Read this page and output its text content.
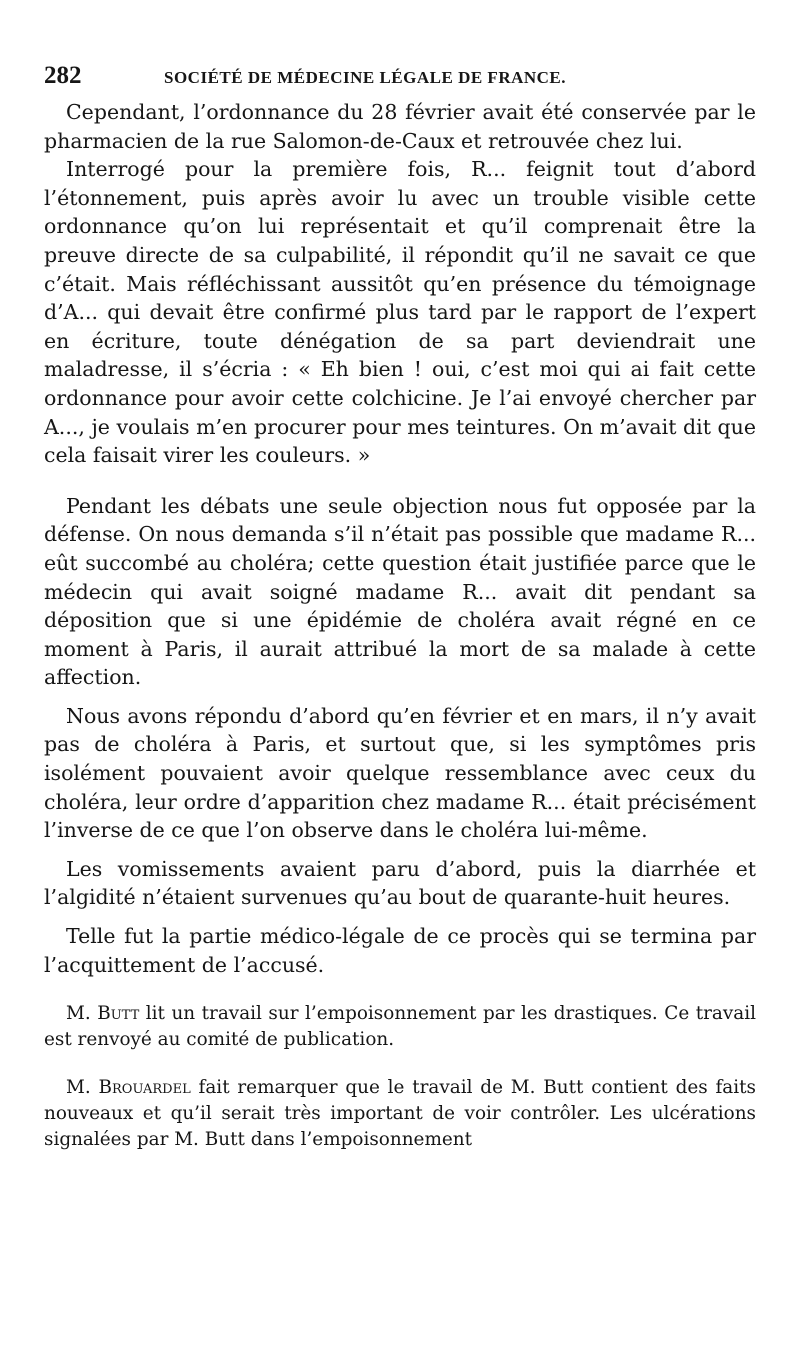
282	SOCIÉTÉ DE MÉDECINE LÉGALE DE FRANCE.

Cependant, l’ordonnance du 28 février avait été conservée par le pharmacien de la rue Salomon-de-Caux et retrouvée chez lui.

Interrogé pour la première fois, R... feignit tout d’abord l’étonnement, puis après avoir lu avec un trouble visible cette ordonnance qu’on lui représentait et qu’il comprenait être la preuve directe de sa culpabilité, il répondit qu’il ne savait ce que c’était. Mais réfléchissant aussitôt qu’en présence du témoignage d’A... qui devait être confirmé plus tard par le rapport de l’expert en écriture, toute dénégation de sa part deviendrait une maladresse, il s’écria : « Eh bien ! oui, c’est moi qui ai fait cette ordonnance pour avoir cette colchicine. Je l’ai envoyé chercher par A..., je voulais m’en procurer pour mes teintures. On m’avait dit que cela faisait virer les couleurs. »

Pendant les débats une seule objection nous fut opposée par la défense. On nous demanda s’il n’était pas possible que madame R... eût succombé au choléra; cette question était justifiée parce que le médecin qui avait soigné madame R... avait dit pendant sa déposition que si une épidémie de choléra avait régné en ce moment à Paris, il aurait attribué la mort de sa malade à cette affection.

Nous avons répondu d’abord qu’en février et en mars, il n’y avait pas de choléra à Paris, et surtout que, si les symptômes pris isolément pouvaient avoir quelque ressemblance avec ceux du choléra, leur ordre d’apparition chez madame R... était précisément l’inverse de ce que l’on observe dans le choléra lui-même.

Les vomissements avaient paru d’abord, puis la diarrhée et l’algidité n’étaient survenues qu’au bout de quarante-huit heures.

Telle fut la partie médico-légale de ce procès qui se termina par l’acquittement de l’accusé.

M. Butt lit un travail sur l’empoisonnement par les drastiques. Ce travail est renvoyé au comité de publication.

M. Brouardel fait remarquer que le travail de M. Butt contient des faits nouveaux et qu’il serait très important de voir contrôler. Les ulcérations signalées par M. Butt dans l’empoisonnement
